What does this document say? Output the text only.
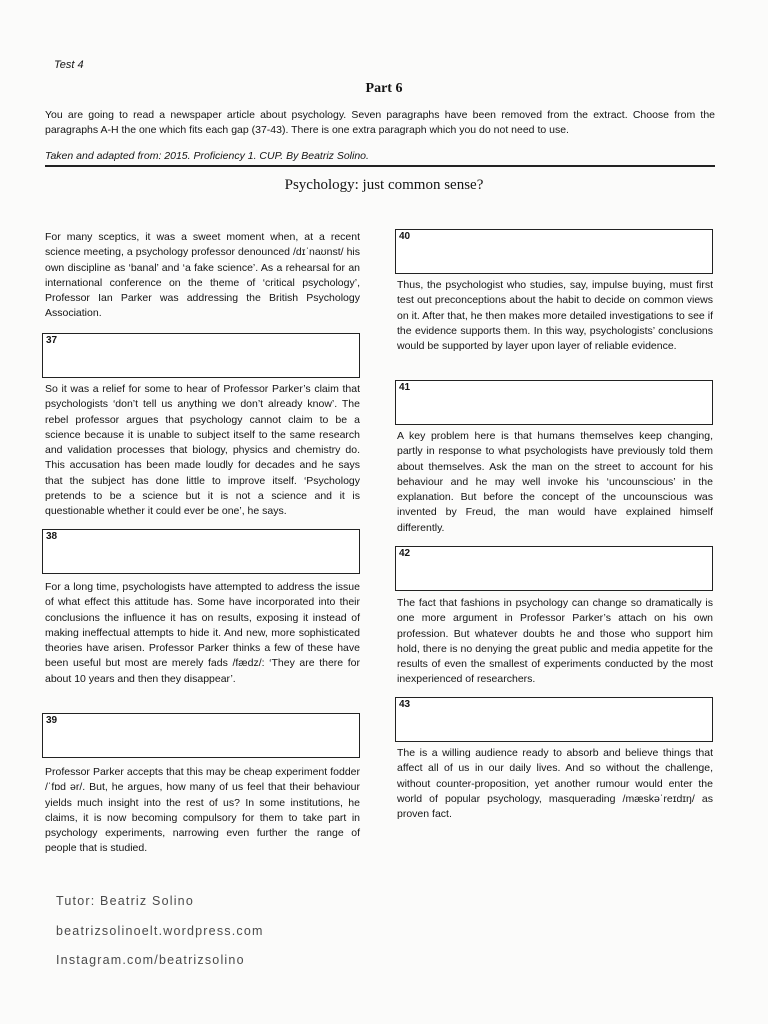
Test 4
Part 6
You are going to read a newspaper article about psychology. Seven paragraphs have been removed from the extract. Choose from the paragraphs A-H the one which fits each gap (37-43). There is one extra paragraph which you do not need to use.
Taken and adapted from: 2015. Proficiency 1. CUP. By Beatriz Solino.
Psychology: just common sense?

For many sceptics, it was a sweet moment when, at a recent science meeting, a psychology professor denounced /dɪˈnaʊnst/ his own discipline as ‘banal’ and ‘a fake science’. As a rehearsal for an international conference on the theme of ‘critical psychology’, Professor Ian Parker was addressing the British Psychology Association.

37

So it was a relief for some to hear of Professor Parker’s claim that psychologists ‘don’t tell us anything we don’t already know’. The rebel professor argues that psychology cannot claim to be a science because it is unable to subject itself to the same research and validation processes that biology, physics and chemistry do. This accusation has been made loudly for decades and he says that the subject has done little to improve itself. ‘Psychology pretends to be a science but it is not a science and it is questionable whether it could ever be one’, he says.

38

For a long time, psychologists have attempted to address the issue of what effect this attitude has. Some have incorporated into their conclusions the influence it has on results, exposing it instead of making ineffectual attempts to hide it. And new, more sophisticated theories have arisen. Professor Parker thinks a few of these have been useful but most are merely fads /fædz/: ‘They are there for about 10 years and then they disappear’.

39

Professor Parker accepts that this may be cheap experiment fodder /ˈfɒd ər/. But, he argues, how many of us feel that their behaviour yields much insight into the rest of us? In some institutions, he claims, it is now becoming compulsory for them to take part in psychology experiments, narrowing even further the range of people that is studied.

40

Thus, the psychologist who studies, say, impulse buying, must first test out preconceptions about the habit to decide on common views on it. After that, he then makes more detailed investigations to see if the evidence supports them. In this way, psychologists’ conclusions would be supported by layer upon layer of reliable evidence.

41

A key problem here is that humans themselves keep changing, partly in response to what psychologists have previously told them about themselves. Ask the man on the street to account for his behaviour and he may well invoke his ‘uncounscious’ in the explanation. But before the concept of the uncounscious was invented by Freud, the man would have explained himself differently.

42

The fact that fashions in psychology can change so dramatically is one more argument in Professor Parker’s attach on his own profession. But whatever doubts he and those who support him hold, there is no denying the great public and media appetite for the results of even the smallest of experiments conducted by the most inexperienced of researchers.

43

The is a willing audience ready to absorb and believe things that affect all of us in our daily lives. And so without the challenge, without counter-proposition, yet another rumour would enter the world of popular psychology, masquerading /mæskəˈreɪdɪŋ/ as proven fact.

Tutor: Beatriz Solino
beatrizsolinoelt.wordpress.com
Instagram.com/beatrizsolino
